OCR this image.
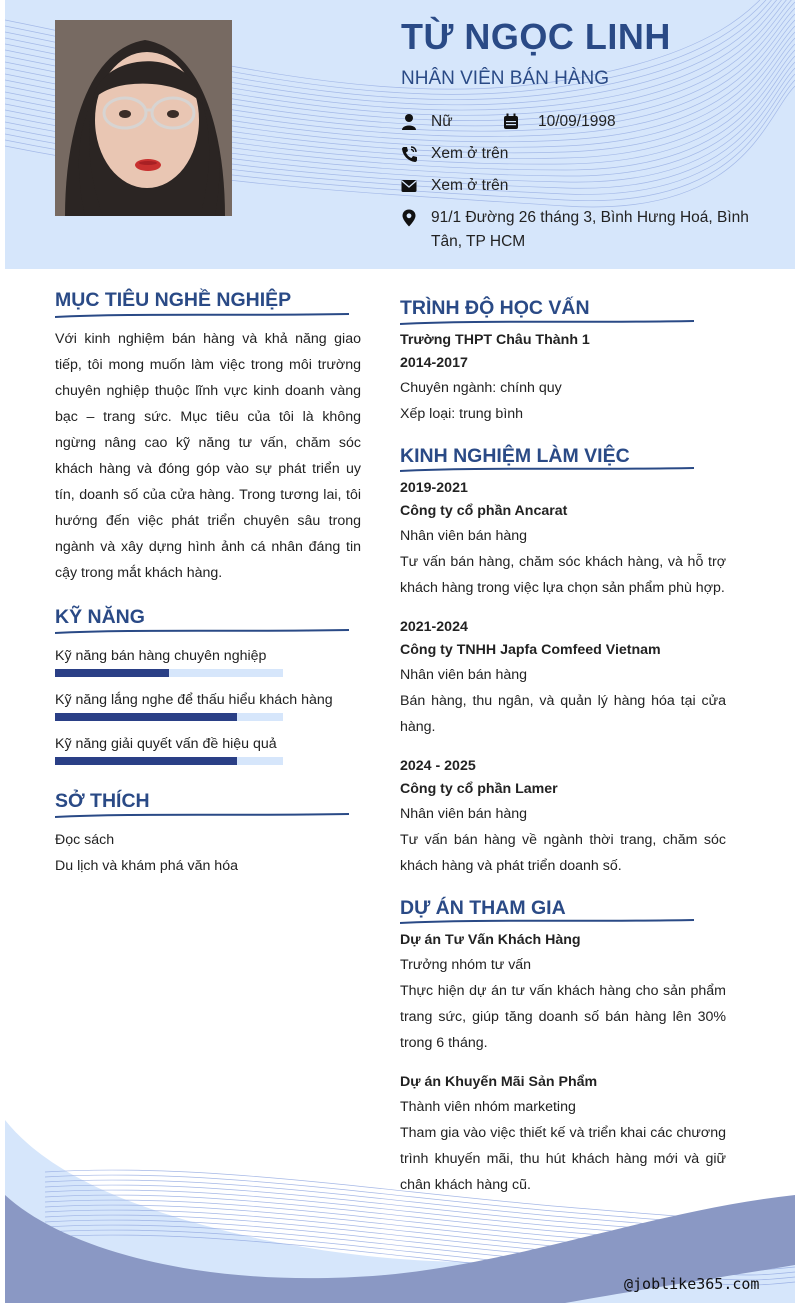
TỪ NGỌC LINH
NHÂN VIÊN BÁN HÀNG
Nữ	10/09/1998
Xem ở trên
Xem ở trên
91/1 Đường 26 tháng 3, Bình Hưng Hoá, Bình
Tân, TP HCM
MỤC TIÊU NGHỀ NGHIỆP

Với kinh nghiệm bán hàng và khả năng giao tiếp, tôi mong muốn làm việc trong môi trường chuyên nghiệp thuộc lĩnh vực kinh doanh vàng bạc – trang sức. Mục tiêu của tôi là không ngừng nâng cao kỹ năng tư vấn, chăm sóc khách hàng và đóng góp vào sự phát triển uy tín, doanh số của cửa hàng. Trong tương lai, tôi hướng đến việc phát triển chuyên sâu trong ngành và xây dựng hình ảnh cá nhân đáng tin cậy trong mắt khách hàng.

KỸ NĂNG
Kỹ năng bán hàng chuyên nghiệp
Kỹ năng lắng nghe để thấu hiểu khách hàng
Kỹ năng giải quyết vấn đề hiệu quả
SỞ THÍCH
Đọc sách
Du lịch và khám phá văn hóa
TRÌNH ĐỘ HỌC VẤN
Trường THPT Châu Thành 1
2014-2017
Chuyên ngành: chính quy
Xếp loại: trung bình
KINH NGHIỆM LÀM VIỆC
2019-2021
Công ty cổ phần Ancarat
Nhân viên bán hàng

Tư vấn bán hàng, chăm sóc khách hàng, và hỗ trợ khách hàng trong việc lựa chọn sản phẩm phù hợp.

2021-2024
Công ty TNHH Japfa Comfeed Vietnam
Nhân viên bán hàng

Bán hàng, thu ngân, và quản lý hàng hóa tại cửa hàng.

2024 - 2025
Công ty cổ phần Lamer
Nhân viên bán hàng

Tư vấn bán hàng về ngành thời trang, chăm sóc khách hàng và phát triển doanh số.

DỰ ÁN THAM GIA
Dự án Tư Vấn Khách Hàng
Trưởng nhóm tư vấn

Thực hiện dự án tư vấn khách hàng cho sản phẩm trang sức, giúp tăng doanh số bán hàng lên 30% trong 6 tháng.

Dự án Khuyến Mãi Sản Phẩm
Thành viên nhóm marketing

Tham gia vào việc thiết kế và triển khai các chương trình khuyến mãi, thu hút khách hàng mới và giữ chân khách hàng cũ.

@joblike365.com
